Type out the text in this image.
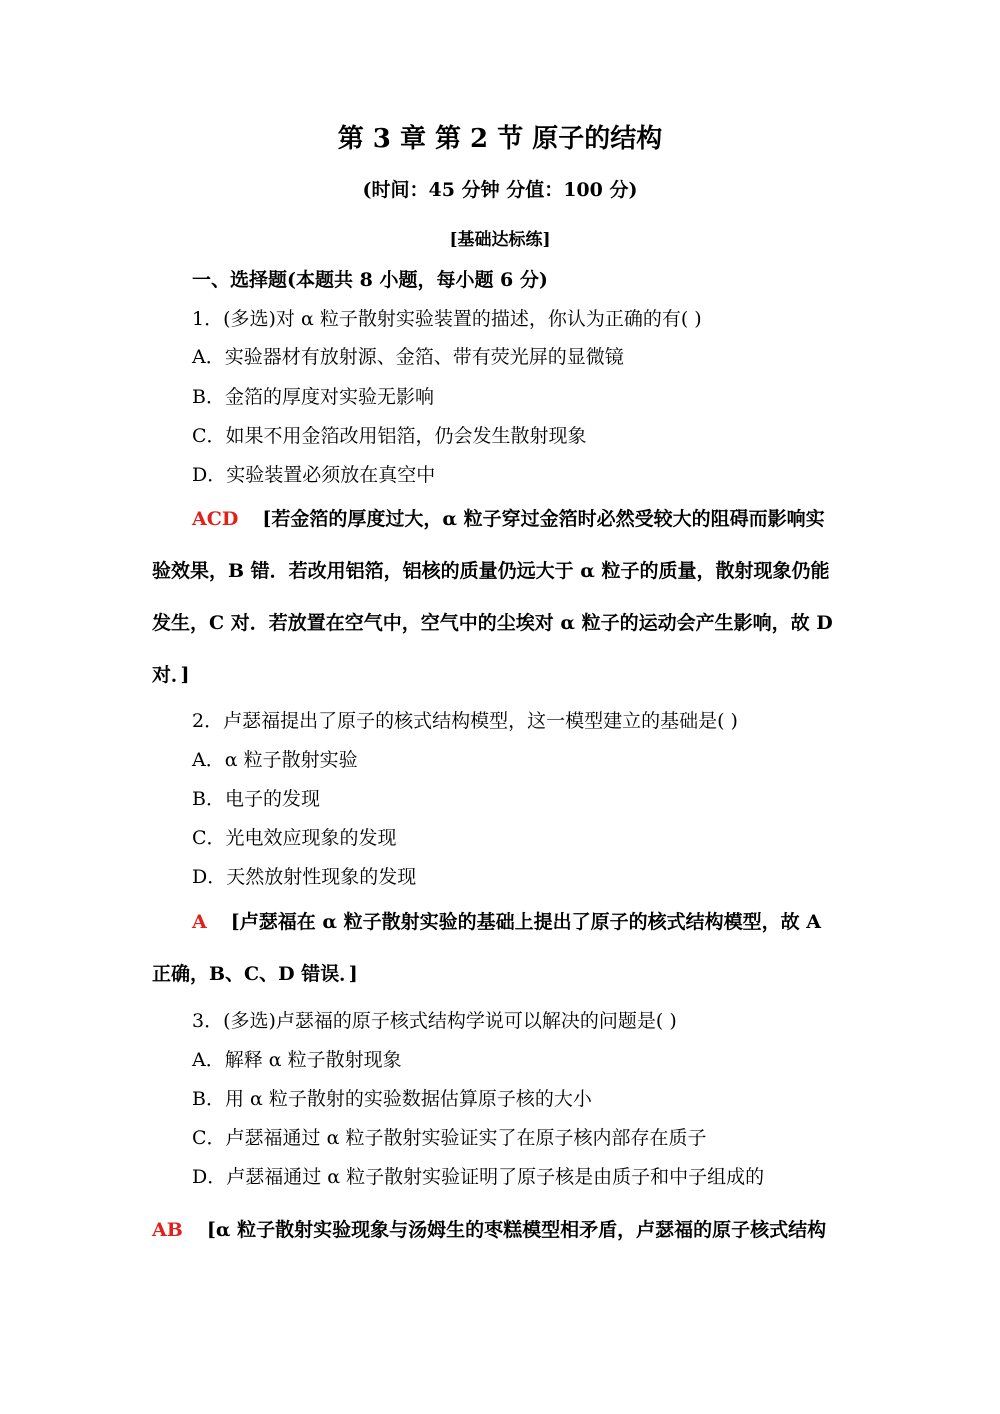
第 3 章 第 2 节 原子的结构
(时间：45 分钟 分值：100 分)
[基础达标练]
一、选择题(本题共 8 小题，每小题 6 分)
1．(多选)对 α 粒子散射实验装置的描述，你认为正确的有( )
A．实验器材有放射源、金箔、带有荧光屏的显微镜
B．金箔的厚度对实验无影响
C．如果不用金箔改用铝箔，仍会发生散射现象
D．实验装置必须放在真空中
ACD [若金箔的厚度过大，α 粒子穿过金箔时必然受较大的阻碍而影响实
验效果，B 错．若改用铝箔，铝核的质量仍远大于 α 粒子的质量，散射现象仍能
发生，C 对．若放置在空气中，空气中的尘埃对 α 粒子的运动会产生影响，故 D
对．]
2．卢瑟福提出了原子的核式结构模型，这一模型建立的基础是( )
A．α 粒子散射实验
B．电子的发现
C．光电效应现象的发现
D．天然放射性现象的发现
A [卢瑟福在 α 粒子散射实验的基础上提出了原子的核式结构模型，故 A
正确，B、C、D 错误．]
3．(多选)卢瑟福的原子核式结构学说可以解决的问题是( )
A．解释 α 粒子散射现象
B．用 α 粒子散射的实验数据估算原子核的大小
C．卢瑟福通过 α 粒子散射实验证实了在原子核内部存在质子
D．卢瑟福通过 α 粒子散射实验证明了原子核是由质子和中子组成的
AB [α 粒子散射实验现象与汤姆生的枣糕模型相矛盾，卢瑟福的原子核式结构
